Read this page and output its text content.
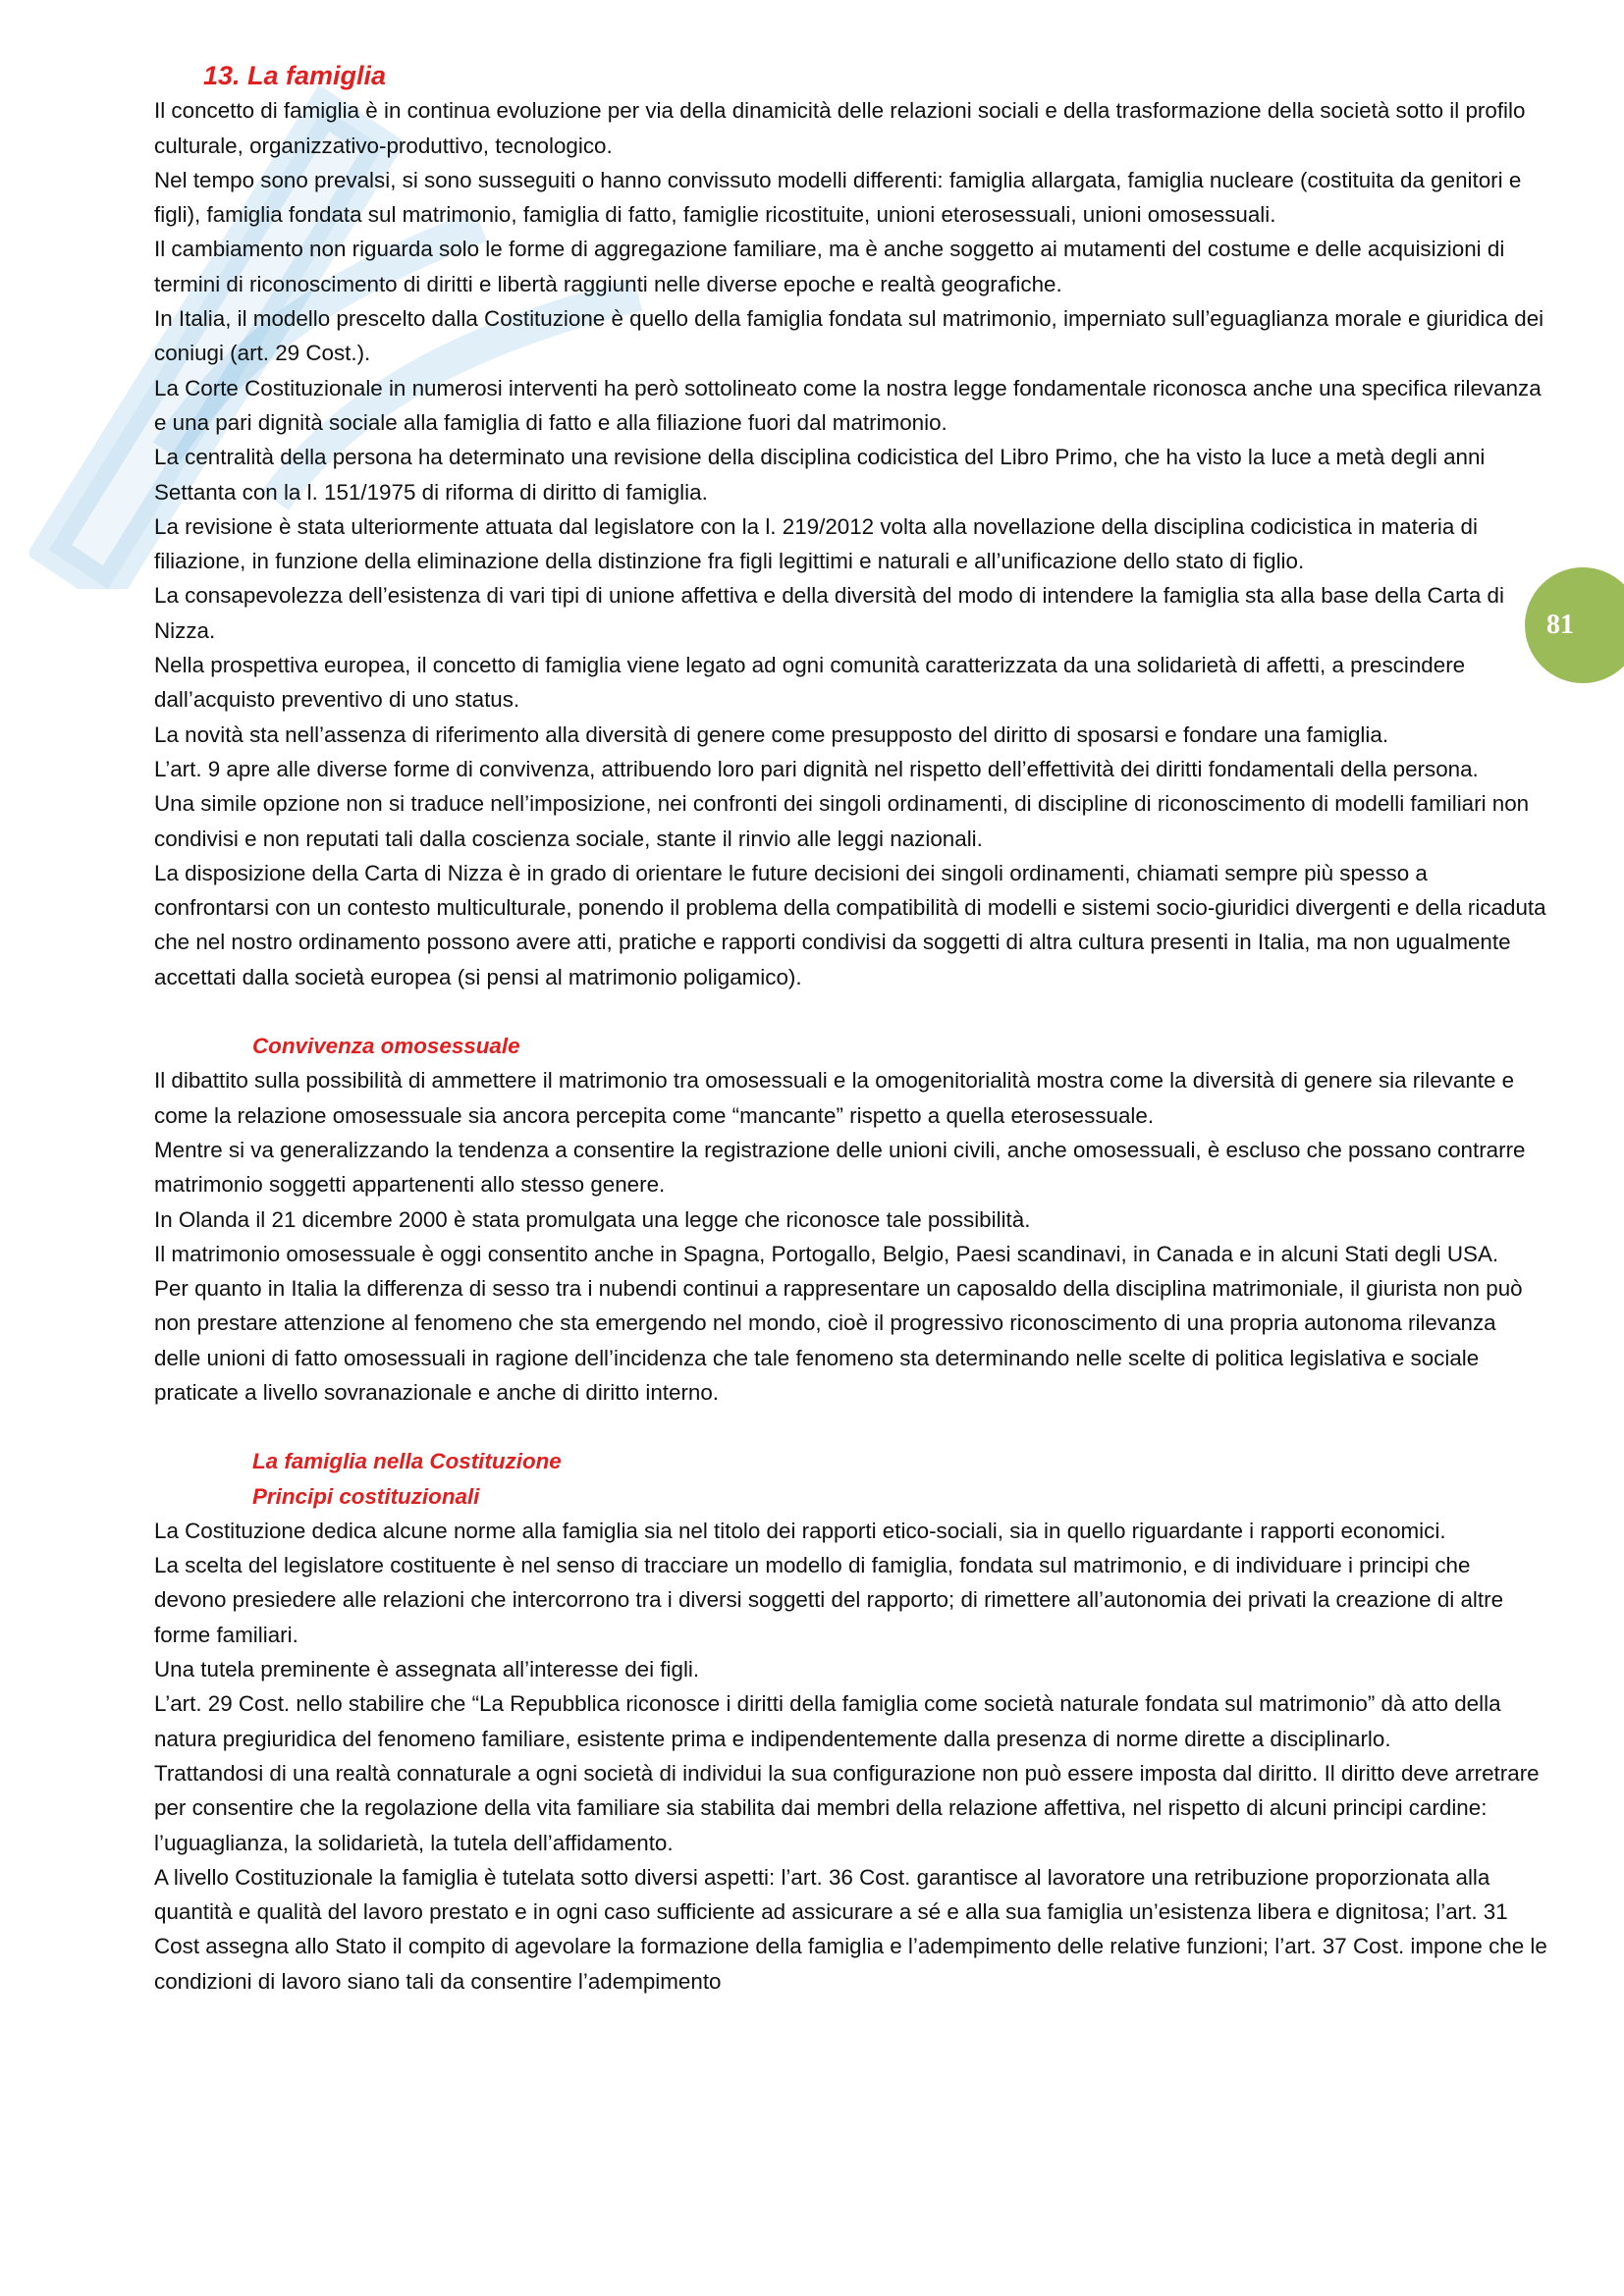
81

13. La famiglia

Il concetto di famiglia è in continua evoluzione per via della dinamicità delle relazioni sociali e della trasformazione della società sotto il profilo culturale, organizzativo-produttivo, tecnologico.

Nel tempo sono prevalsi, si sono susseguiti o hanno convissuto modelli differenti: famiglia allargata, famiglia nucleare (costituita da genitori e figli), famiglia fondata sul matrimonio, famiglia di fatto, famiglie ricostituite, unioni eterosessuali, unioni omosessuali.

Il cambiamento non riguarda solo le forme di aggregazione familiare, ma è anche soggetto ai mutamenti del costume e delle acquisizioni di termini di riconoscimento di diritti e libertà raggiunti nelle diverse epoche e realtà geografiche.

In Italia, il modello prescelto dalla Costituzione è quello della famiglia fondata sul matrimonio, imperniato sull’eguaglianza morale e giuridica dei coniugi (art. 29 Cost.).

La Corte Costituzionale in numerosi interventi ha però sottolineato come la nostra legge fondamentale riconosca anche una specifica rilevanza e una pari dignità sociale alla famiglia di fatto e alla filiazione fuori dal matrimonio.

La centralità della persona ha determinato una revisione della disciplina codicistica del Libro Primo, che ha visto la luce a metà degli anni Settanta con la l. 151/1975 di riforma di diritto di famiglia.

La revisione è stata ulteriormente attuata dal legislatore con la l. 219/2012 volta alla novellazione della disciplina codicistica in materia di filiazione, in funzione della eliminazione della distinzione fra figli legittimi e naturali e all’unificazione dello stato di figlio.

La consapevolezza dell’esistenza di vari tipi di unione affettiva e della diversità del modo di intendere la famiglia sta alla base della Carta di Nizza.

Nella prospettiva europea, il concetto di famiglia viene legato ad ogni comunità caratterizzata da una solidarietà di affetti, a prescindere dall’acquisto preventivo di uno status.

La novità sta nell’assenza di riferimento alla diversità di genere come presupposto del diritto di sposarsi e fondare una famiglia.

L’art. 9 apre alle diverse forme di convivenza, attribuendo loro pari dignità nel rispetto dell’effettività dei diritti fondamentali della persona.

Una simile opzione non si traduce nell’imposizione, nei confronti dei singoli ordinamenti, di discipline di riconoscimento di modelli familiari non condivisi e non reputati tali dalla coscienza sociale, stante il rinvio alle leggi nazionali.

La disposizione della Carta di Nizza è in grado di orientare le future decisioni dei singoli ordinamenti, chiamati sempre più spesso a confrontarsi con un contesto multiculturale, ponendo il problema della compatibilità di modelli e sistemi socio-giuridici divergenti e della ricaduta che nel nostro ordinamento possono avere atti, pratiche e rapporti condivisi da soggetti di altra cultura presenti in Italia, ma non ugualmente accettati dalla società europea (si pensi al matrimonio poligamico).

Convivenza omosessuale

Il dibattito sulla possibilità di ammettere il matrimonio tra omosessuali e la omogenitorialità mostra come la diversità di genere sia rilevante e come la relazione omosessuale sia ancora percepita come “mancante” rispetto a quella eterosessuale.

Mentre si va generalizzando la tendenza a consentire la registrazione delle unioni civili, anche omosessuali, è escluso che possano contrarre matrimonio soggetti appartenenti allo stesso genere.

In Olanda il 21 dicembre 2000 è stata promulgata una legge che riconosce tale possibilità.

Il matrimonio omosessuale è oggi consentito anche in Spagna, Portogallo, Belgio, Paesi scandinavi, in Canada e in alcuni Stati degli USA.

Per quanto in Italia la differenza di sesso tra i nubendi continui a rappresentare un caposaldo della disciplina matrimoniale, il giurista non può non prestare attenzione al fenomeno che sta emergendo nel mondo, cioè il progressivo riconoscimento di una propria autonoma rilevanza delle unioni di fatto omosessuali in ragione dell’incidenza che tale fenomeno sta determinando nelle scelte di politica legislativa e sociale praticate a livello sovranazionale e anche di diritto interno.

La famiglia nella Costituzione

Principi costituzionali

La Costituzione dedica alcune norme alla famiglia sia nel titolo dei rapporti etico-sociali, sia in quello riguardante i rapporti economici.

La scelta del legislatore costituente è nel senso di tracciare un modello di famiglia, fondata sul matrimonio, e di individuare i principi che devono presiedere alle relazioni che intercorrono tra i diversi soggetti del rapporto; di rimettere all’autonomia dei privati la creazione di altre forme familiari.

Una tutela preminente è assegnata all’interesse dei figli.

L’art. 29 Cost. nello stabilire che “La Repubblica riconosce i diritti della famiglia come società naturale fondata sul matrimonio” dà atto della natura pregiuridica del fenomeno familiare, esistente prima e indipendentemente dalla presenza di norme dirette a disciplinarlo.

Trattandosi di una realtà connaturale a ogni società di individui la sua configurazione non può essere imposta dal diritto. Il diritto deve arretrare per consentire che la regolazione della vita familiare sia stabilita dai membri della relazione affettiva, nel rispetto di alcuni principi cardine: l’uguaglianza, la solidarietà, la tutela dell’affidamento.

A livello Costituzionale la famiglia è tutelata sotto diversi aspetti: l’art. 36 Cost. garantisce al lavoratore una retribuzione proporzionata alla quantità e qualità del lavoro prestato e in ogni caso sufficiente ad assicurare a sé e alla sua famiglia un’esistenza libera e dignitosa; l’art. 31 Cost assegna allo Stato il compito di agevolare la formazione della famiglia e l’adempimento delle relative funzioni; l’art. 37 Cost. impone che le condizioni di lavoro siano tali da consentire l’adempimento
